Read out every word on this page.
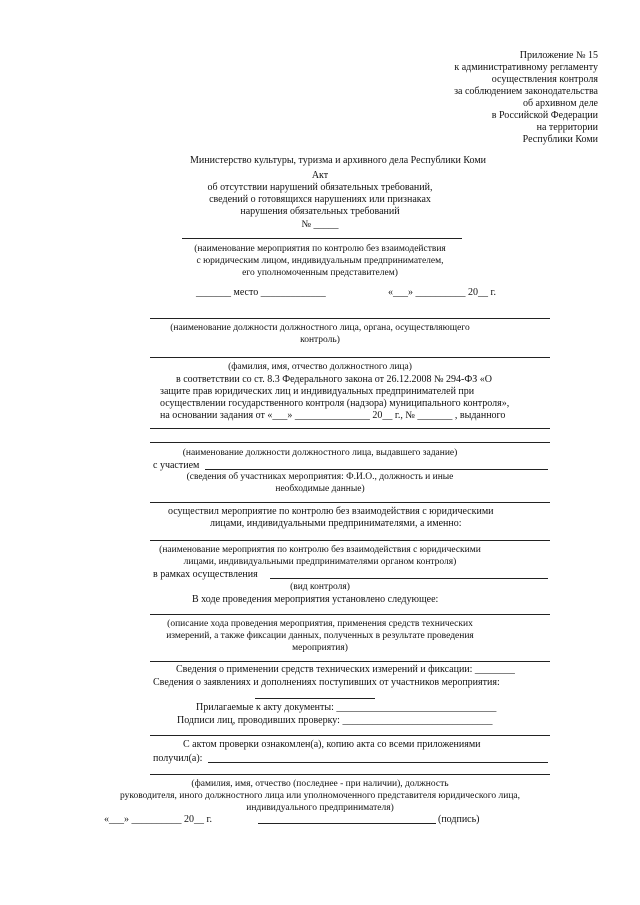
Приложение № 15
к административному регламенту
осуществления контроля
за соблюдением законодательства
об архивном деле
в Российской Федерации
на территории
Республики Коми
Министерство культуры, туризма и архивного дела Республики Коми
Акт
об отсутствии нарушений обязательных требований,
сведений о готовящихся нарушениях или признаках
нарушения обязательных требований
№ _____
(наименование мероприятия по контролю без взаимодействия
с юридическим лицом, индивидуальным предпринимателем,
его уполномоченным представителем)
_______ место _____________	«___» __________ 20__ г.
(наименование должности должностного лица, органа, осуществляющего
контроль)
(фамилия, имя, отчество должностного лица)
в соответствии со ст. 8.3 Федерального закона от 26.12.2008 № 294-ФЗ «О
защите прав юридических лиц и индивидуальных предпринимателей при
осуществлении государственного контроля (надзора) муниципального контроля»,
на основании задания от «___» _______________ 20__ г., № _______ , выданного
(наименование должности должностного лица, выдавшего задание)
с участием
(сведения об участниках мероприятия: Ф.И.О., должность и иные
необходимые данные)
осуществил мероприятие по контролю без взаимодействия с юридическими
лицами, индивидуальными предпринимателями, а именно:
(наименование мероприятия по контролю без взаимодействия с юридическими
лицами, индивидуальными предпринимателями органом контроля)
в рамках осуществления
(вид контроля)
В ходе проведения мероприятия установлено следующее:
(описание хода проведения мероприятия, применения средств технических
измерений, а также фиксации данных, полученных в результате проведения
мероприятия)
Сведения о применении средств технических измерений и фиксации: ________
Сведения о заявлениях и дополнениях поступивших от участников мероприятия:
Прилагаемые к акту документы: ________________________________
Подписи лиц, проводивших проверку: ______________________________
С актом проверки ознакомлен(а), копию акта со всеми приложениями
получил(а):
(фамилия, имя, отчество (последнее - при наличии), должность
руководителя, иного должностного лица или уполномоченного представителя юридического лица,
индивидуального предпринимателя)
«___» __________ 20__ г.	(подпись)
